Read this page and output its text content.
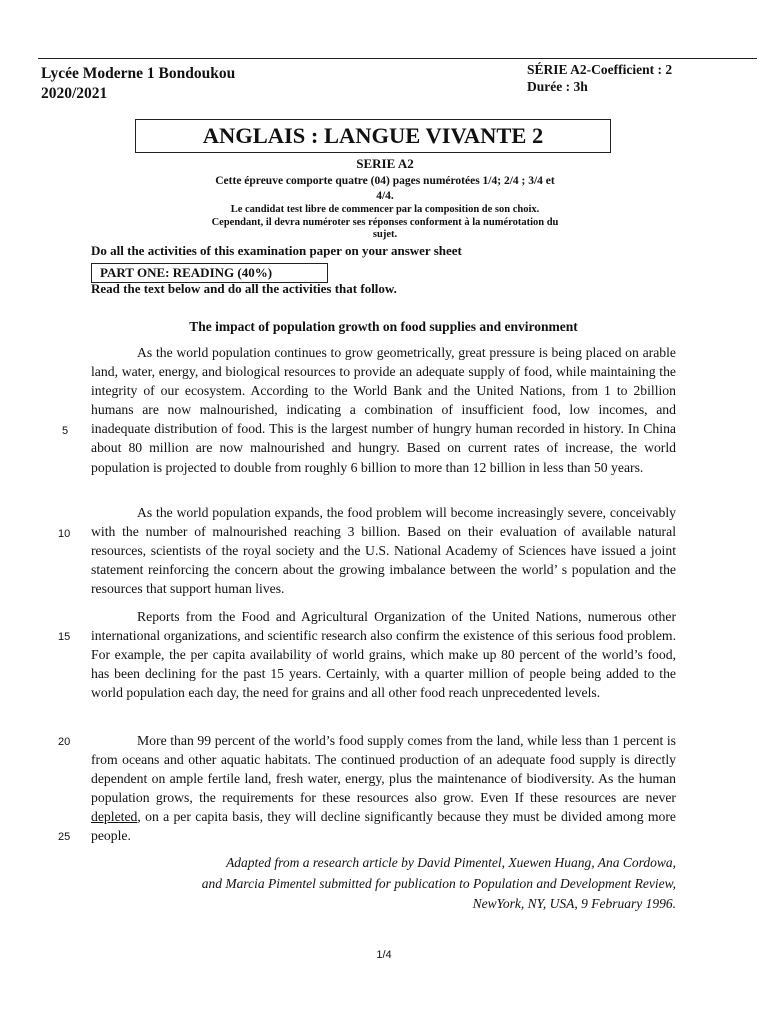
Lycée Moderne 1 Bondoukou
2020/2021
SÉRIE A2-Coefficient : 2
Durée : 3h
ANGLAIS : LANGUE VIVANTE 2
SERIE A2
Cette épreuve comporte quatre (04) pages numérotées 1/4; 2/4 ; 3/4 et
4/4.
Le candidat test libre de commencer par la composition de son choix.
Cependant, il devra numéroter ses réponses conforment à la numérotation du
sujet.
Do all the activities of this examination paper on your answer sheet
PART ONE: READING (40%)
Read the text below and do all the activities that follow.
The impact of population growth on food supplies and environment

As the world population continues to grow geometrically, great pressure is being placed on arable land, water, energy, and biological resources to provide an adequate supply of food, while maintaining the integrity of our ecosystem. According to the World Bank and the United Nations, from 1 to 2billion humans are now malnourished, indicating a combination of insufficient food, low incomes, and inadequate distribution of food. This is the largest number of hungry human recorded in history. In China about 80 million are now malnourished and hungry. Based on current rates of increase, the world population is projected to double from roughly 6 billion to more than 12 billion in less than 50 years.

As the world population expands, the food problem will become increasingly severe, conceivably with the number of malnourished reaching 3 billion. Based on their evaluation of available natural resources, scientists of the royal society and the U.S. National Academy of Sciences have issued a joint statement reinforcing the concern about the growing imbalance between the world’ s population and the resources that support human lives.

Reports from the Food and Agricultural Organization of the United Nations, numerous other international organizations, and scientific research also confirm the existence of this serious food problem. For example, the per capita availability of world grains, which make up 80 percent of the world’s food, has been declining for the past 15 years. Certainly, with a quarter million of people being added to the world population each day, the need for grains and all other food reach unprecedented levels.

More than 99 percent of the world’s food supply comes from the land, while less than 1 percent is from oceans and other aquatic habitats. The continued production of an adequate food supply is directly dependent on ample fertile land, fresh water, energy, plus the maintenance of biodiversity. As the human population grows, the requirements for these resources also grow. Even If these resources are never depleted, on a per capita basis, they will decline significantly because they must be divided among more people.

5
10
15
20
25
Adapted from a research article by David Pimentel, Xuewen Huang, Ana Cordowa,
and Marcia Pimentel submitted for publication to Population and Development Review,
NewYork, NY, USA, 9 February 1996.
1/4
